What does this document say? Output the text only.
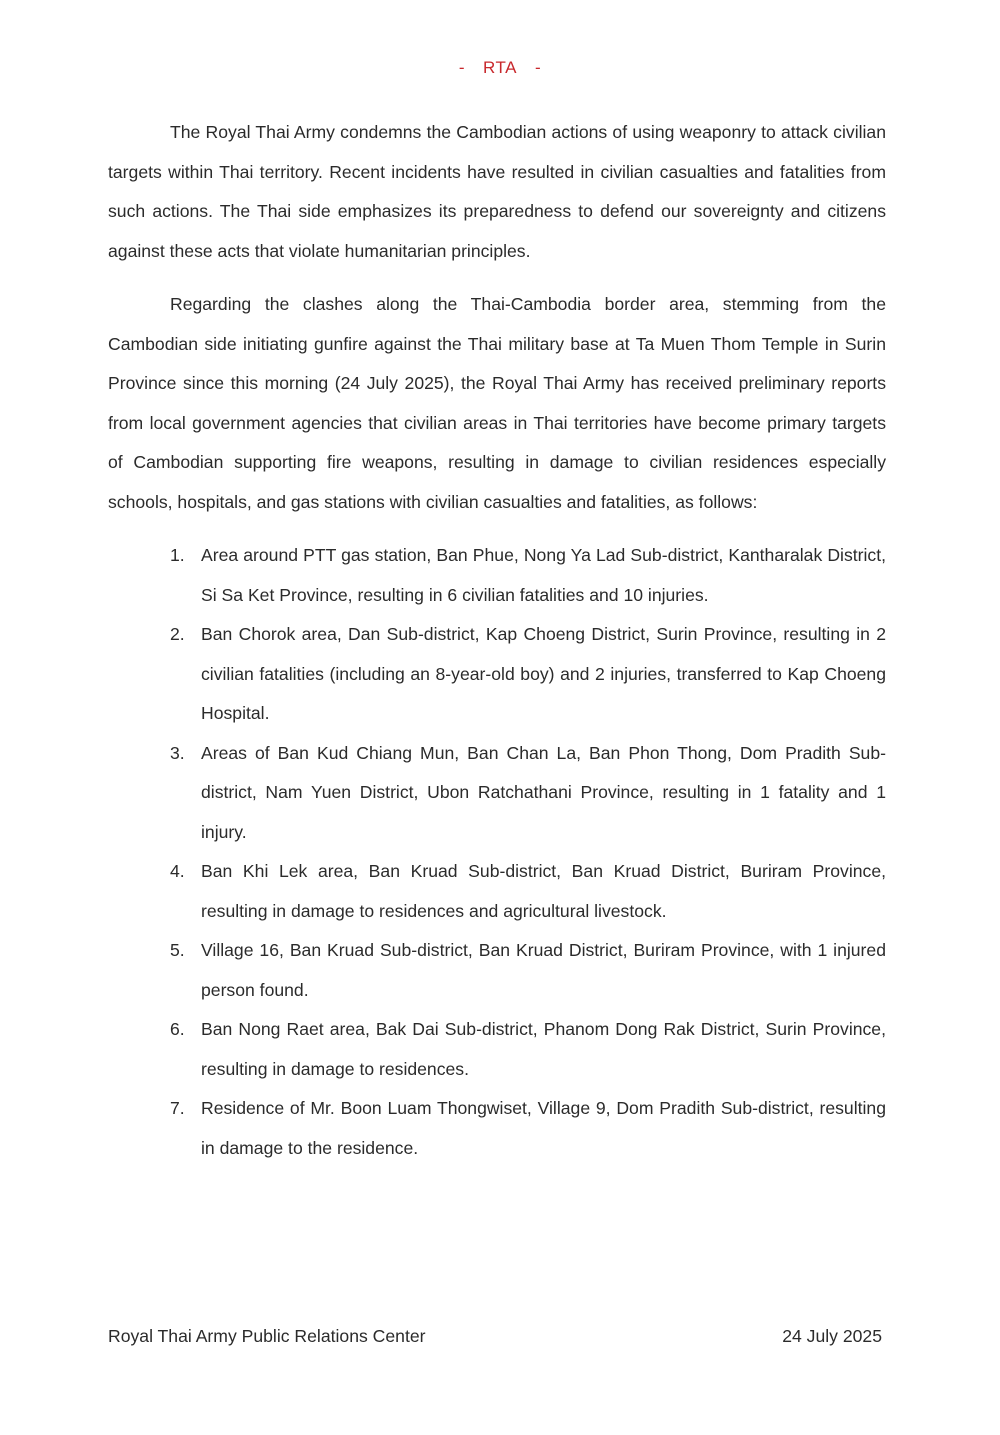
- RTA -

The Royal Thai Army condemns the Cambodian actions of using weaponry to attack civilian targets within Thai territory. Recent incidents have resulted in civilian casualties and fatalities from such actions. The Thai side emphasizes its preparedness to defend our sovereignty and citizens against these acts that violate humanitarian principles.

Regarding the clashes along the Thai-Cambodia border area, stemming from the Cambodian side initiating gunfire against the Thai military base at Ta Muen Thom Temple in Surin Province since this morning (24 July 2025), the Royal Thai Army has received preliminary reports from local government agencies that civilian areas in Thai territories have become primary targets of Cambodian supporting fire weapons, resulting in damage to civilian residences especially schools, hospitals, and gas stations with civilian casualties and fatalities, as follows:

1. Area around PTT gas station, Ban Phue, Nong Ya Lad Sub-district, Kantharalak District, Si Sa Ket Province, resulting in 6 civilian fatalities and 10 injuries.
2. Ban Chorok area, Dan Sub-district, Kap Choeng District, Surin Province, resulting in 2 civilian fatalities (including an 8-year-old boy) and 2 injuries, transferred to Kap Choeng Hospital.
3. Areas of Ban Kud Chiang Mun, Ban Chan La, Ban Phon Thong, Dom Pradith Sub-district, Nam Yuen District, Ubon Ratchathani Province, resulting in 1 fatality and 1 injury.
4. Ban Khi Lek area, Ban Kruad Sub-district, Ban Kruad District, Buriram Province, resulting in damage to residences and agricultural livestock.
5. Village 16, Ban Kruad Sub-district, Ban Kruad District, Buriram Province, with 1 injured person found.
6. Ban Nong Raet area, Bak Dai Sub-district, Phanom Dong Rak District, Surin Province, resulting in damage to residences.
7. Residence of Mr. Boon Luam Thongwiset, Village 9, Dom Pradith Sub-district, resulting in damage to the residence.
Royal Thai Army Public Relations Center	24 July 2025
